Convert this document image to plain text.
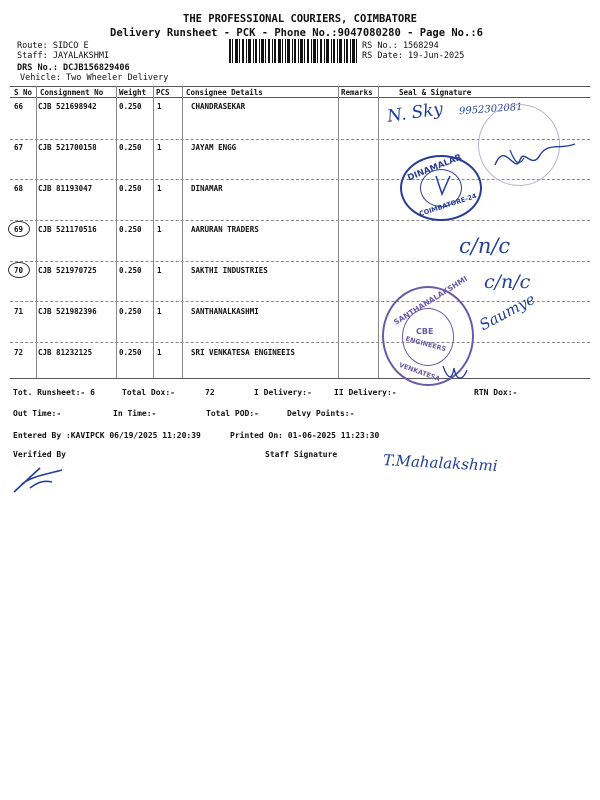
THE PROFESSIONAL COURIERS, COIMBATORE
Delivery Runsheet - PCK - Phone No.:9047080280 - Page No.:6
Route: SIDCO E
Staff: JAYALAKSHMI
DRS No.: DCJB156829406
Vehicle: Two Wheeler Delivery
RS No.: 1568294
RS Date: 19-Jun-2025
S No Consignment No Weight PCS Consignee Details	Remarks	Seal & Signature
66 CJB 521698942	0.250 1	CHANDRASEKAR
67 CJB 521700158	0.250 1	JAYAM ENGG
68 CJB 81193047	0.250 1	DINAMAR
69 CJB 521170516	0.250 1	AARURAN TRADERS
70 CJB 521970725	0.250 1	SAKTHI INDUSTRIES
71 CJB 521982396	0.250 1	SANTHANALKASHMI
72 CJB 81232125	0.250 1	SRI VENKATESA ENGINEEIS
N. Sky 9952302081
c/n/c
c/n/c
Saumye
DINAMALAR
COIMBATORE-24
SANTHANALAKSHMI
CBE
ENGINEERS
VENKATESA
Tot. Runsheet:- 6	Total Dox:-	72	I Delivery:-	II Delivery:-	RTN Dox:-
Out Time:-	In Time:-	Total POD:-	Delvy Points:-
Entered By :KAVIPCK 06/19/2025 11:20:39	Printed On: 01-06-2025 11:23:30
Verified By	Staff Signature	T.Mahalakshmi
